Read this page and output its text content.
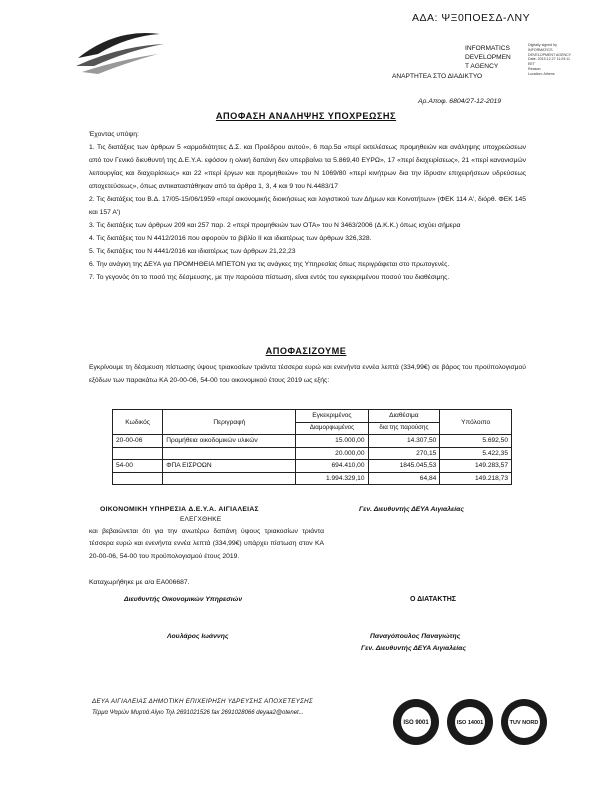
ΑΔΑ: ΨΞ0ΠΟΕΣΔ-ΛΝΥ
INFORMATICS
DEVELOPMEN
T AGENCY
Digitally signed by
INFORMATICS
DEVELOPMENT AGENCY
Date: 2019.12.27 11:29:11
EET
Reason:
Location: Athens
ΑΝΑΡΤΗΤΕΑ ΣΤΟ ΔΙΑΔΙΚΤΥΟ
Αρ.Αποφ. 6804/27-12-2019
ΑΠΟΦΑΣΗ ΑΝΑΛΗΨΗΣ ΥΠΟΧΡΕΩΣΗΣ

Έχοντας υπόψη:

1. Τις διατάξεις των άρθρων 5 «αρμοδιότητες Δ.Σ. και Προέδρου αυτού», 6 παρ.5α «περί εκτελέσεως προμηθειών και ανάληψης υποχρεώσεων από τον Γενικό διευθυντή της Δ.Ε.Υ.Α. εφόσον η ολική δαπάνη δεν υπερβαίνει τα 5.869,40 ΕΥΡΩ», 17 «περί διαχειρίσεως», 21 «περί κανονισμών λειτουργίας και διαχειρίσεως» και 22 «περί έργων και προμηθειών» του Ν 1069/80 «περί κινήτρων δια την ίδρυσιν επιχειρήσεων υδρεύσεως αποχετεύσεως», όπως αντικαταστάθηκαν από τα άρθρα 1, 3, 4 και 9 του Ν.4483/17

2. Τις διατάξεις του Β.Δ. 17/05-15/06/1959 «περί οικονομικής διοικήσεως και λογιστικού των Δήμων και Κοινοτήτων» (ΦΕΚ 114 Α', διόρθ. ΦΕΚ 145 και 157 Α')

3. Τις διατάξεις των άρθρων 209 και 257 παρ. 2 «περί προμηθειών των ΟΤΑ» του Ν 3463/2006 (Δ.Κ.Κ.) όπως ισχύει σήμερα

4. Τις διατάξεις του Ν 4412/2016 που αφορούν το βιβλίο ΙΙ και ιδιαιτέρως των άρθρων 326,328.

5. Τις διατάξεις του Ν 4441/2016 και ιδιαιτέρως των άρθρων 21,22,23

6. Την ανάγκη της ΔΕΥΑ για ΠΡΟΜΗΘΕΙΑ ΜΠΕΤΟΝ για τις ανάγκες της Υπηρεσίας όπως περιγράφεται στο πρωτογενές.

7. Το γεγονός ότι το ποσό της δέσμευσης, με την παρούσα πίστωση, είναι εντός του εγκεκριμένου ποσού του διαθέσιμης.

ΑΠΟΦΑΣΙΖΟΥΜΕ
Εγκρίνουμε τη δέσμευση πίστωσης ύψους τριακοσίων τριάντα τέσσερα ευρώ και ενενήντα εννέα λεπτά (334,99€) σε βάρος του προϋπολογισμού εξόδων των παρακάτω ΚΑ 20-00-06, 54-00 του οικονομικού έτους 2019 ως εξής:
Κωδικός	Περιγραφή	Εγκεκριμένος	Διαθέσιμα	Υπόλοιπο
		Διαμορφωμένος	δια της παρούσης	
20-00-06	Προμήθεια οικοδομικών υλικών	15.000,00	14.307,50	5.692,50
		20.000,00	270,15	5.422,35
54-00	ΦΠΑ ΕΙΣΡΟΩΝ	694.410,00	1845.045,53	149.283,57
		1.994.329,10	64,84	149.218,73
ΟΙΚΟΝΟΜΙΚΗ ΥΠΗΡΕΣΙΑ Δ.Ε.Υ.Α. ΑΙΓΙΑΛΕΙΑΣ
ΕΛΕΓΧΘΗΚΕ
Γεν. Διευθυντής ΔΕΥΑ Αιγιαλείας
και βεβαιώνεται ότι για την ανωτέρω δαπάνη ύψους τριακοσίων τριάντα τέσσερα ευρώ και ενενήντα εννέα λεπτά (334,99€) υπάρχει πίστωση στον ΚΑ 20-00-06, 54-00 του προϋπολογισμού έτους 2019.
Καταχωρήθηκε με α/α ΕΑ006687.
Διευθυντής Οικονομικών Υπηρεσιών	Ο ΔΙΑΤΑΚΤΗΣ
Λουλάρος Ιωάννης	Παναγόπουλος Παναγιώτης
Γεν. Διευθυντής ΔΕΥΑ Αιγιαλείας
ΔΕΥΑ ΑΙΓΙΑΛΕΙΑΣ ΔΗΜΟΤΙΚΗ ΕΠΙΧΕΙΡΗΣΗ ΥΔΡΕΥΣΗΣ ΑΠΟΧΕΤΕΥΣΗΣ
Τέρμα Ψαρών Μυρτιά Αίγιο Τηλ 2691021526 fax 2691028066 deyaa2@otenet...
ISO 9001	ISO 14001	TUV NORD
